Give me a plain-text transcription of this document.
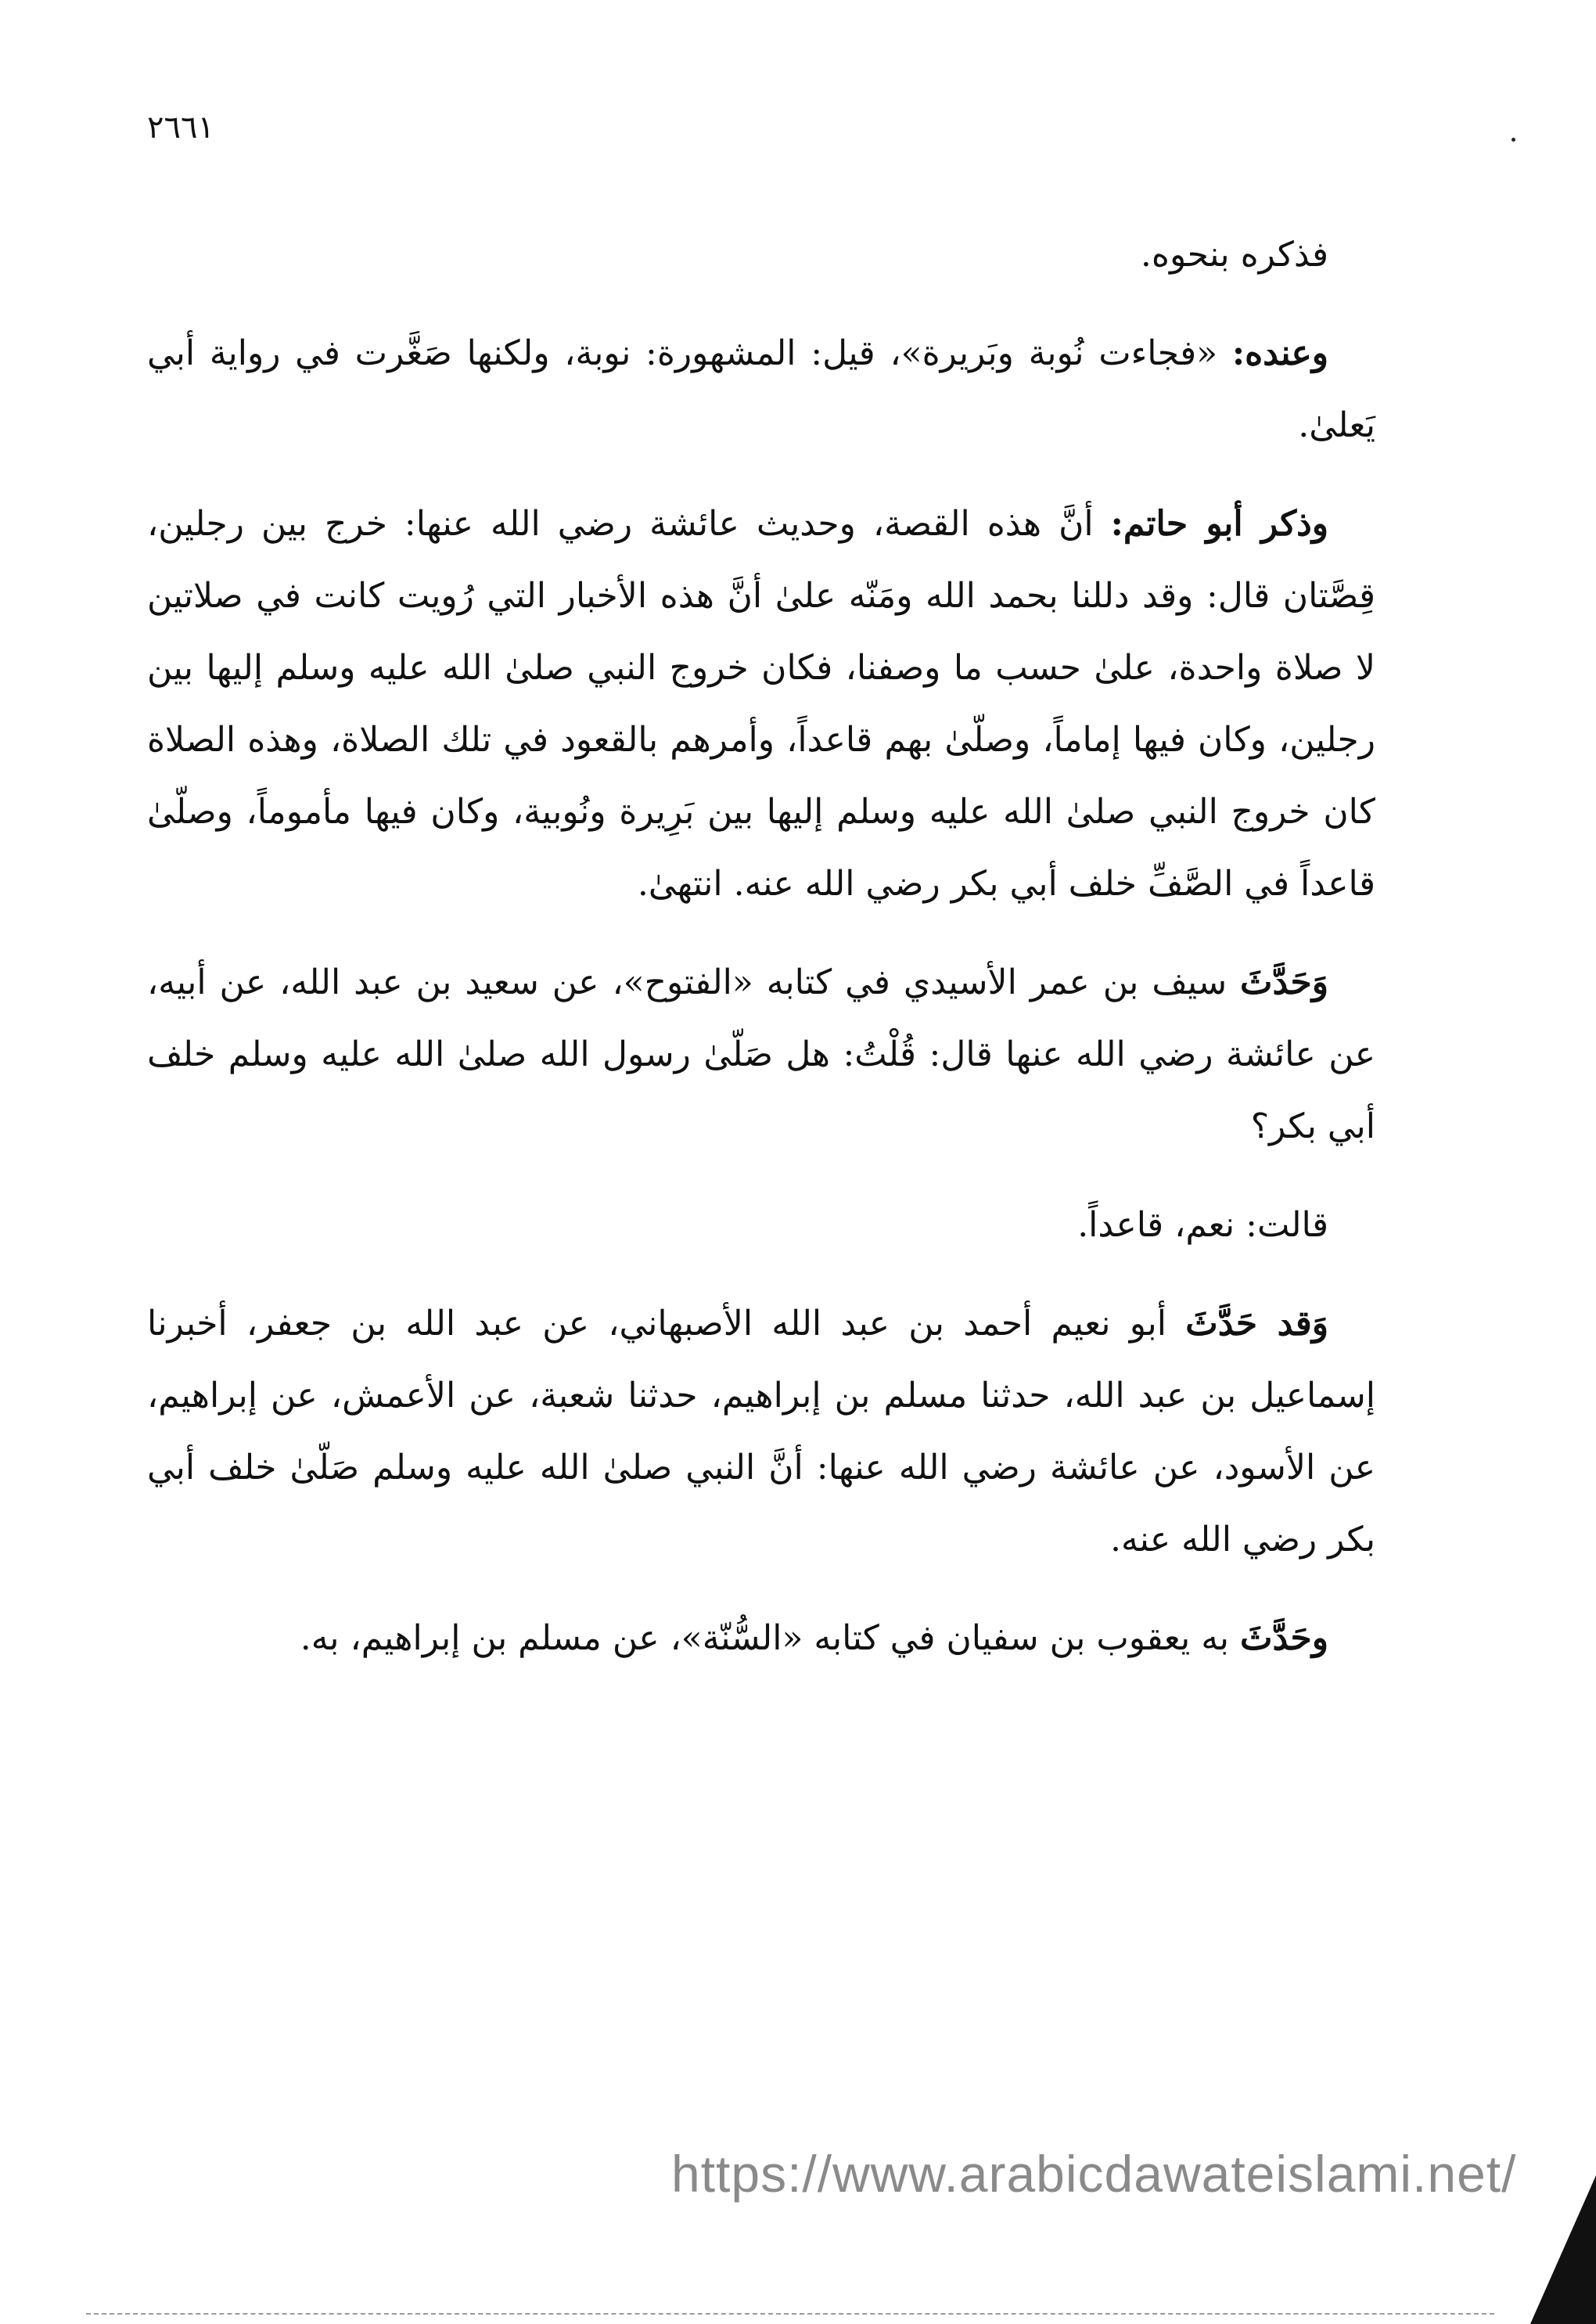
٢٦٦١

فذكره بنحوه.

وعنده: «فجاءت نُوبة وبَريرة»، قيل: المشهورة: نوبة، ولكنها صَغَّرت في رواية أبي يَعلىٰ.

وذكر أبو حاتم: أنَّ هذه القصة، وحديث عائشة رضي الله عنها: خرج بين رجلين، قِصَّتان قال: وقد دللنا بحمد الله ومَنّه علىٰ أنَّ هذه الأخبار التي رُويت كانت في صلاتين لا صلاة واحدة، علىٰ حسب ما وصفنا، فكان خروج النبي صلىٰ الله عليه وسلم إليها بين رجلين، وكان فيها إماماً، وصلّىٰ بهم قاعداً، وأمرهم بالقعود في تلك الصلاة، وهذه الصلاة كان خروج النبي صلىٰ الله عليه وسلم إليها بين بَرِيرة ونُوبية، وكان فيها مأموماً، وصلّىٰ قاعداً في الصَّفِّ خلف أبي بكر رضي الله عنه. انتهىٰ.

وَحَدَّثَ سيف بن عمر الأسيدي في كتابه «الفتوح»، عن سعيد بن عبد الله، عن أبيه، عن عائشة رضي الله عنها قال: قُلْتُ: هل صَلّىٰ رسول الله صلىٰ الله عليه وسلم خلف أبي بكر؟

قالت: نعم، قاعداً.

وَقد حَدَّثَ أبو نعيم أحمد بن عبد الله الأصبهاني، عن عبد الله بن جعفر، أخبرنا إسماعيل بن عبد الله، حدثنا مسلم بن إبراهيم، حدثنا شعبة، عن الأعمش، عن إبراهيم، عن الأسود، عن عائشة رضي الله عنها: أنَّ النبي صلىٰ الله عليه وسلم صَلّىٰ خلف أبي بكر رضي الله عنه.

وحَدَّثَ به يعقوب بن سفيان في كتابه «السُّنّة»، عن مسلم بن إبراهيم، به.

https://www.arabicdawateislami.net/
